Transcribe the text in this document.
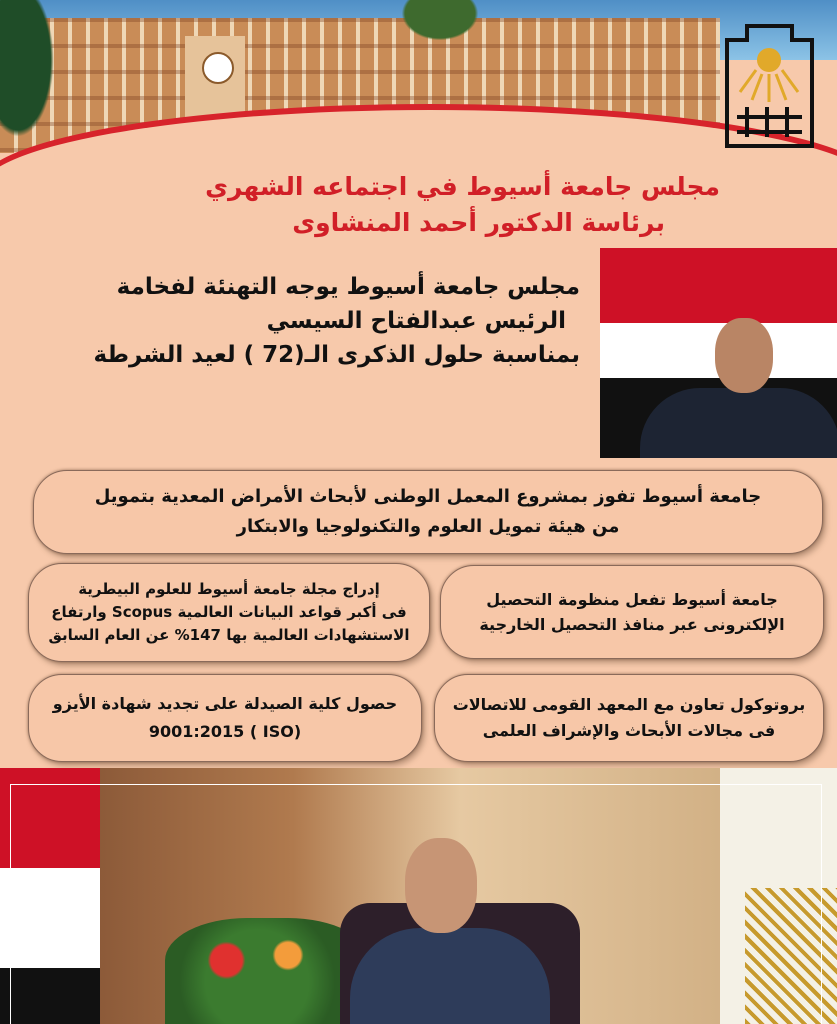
مجلس جامعة أسيوط في اجتماعه الشهري
برئاسة الدكتور أحمد المنشاوى
مجلس جامعة أسيوط يوجه التهنئة لفخامة
الرئيس عبدالفتاح السيسي
بمناسبة حلول الذكرى الـ(72 ) لعيد الشرطة
جامعة أسيوط تفوز بمشروع المعمل الوطنى لأبحاث الأمراض المعدية بتمويل
من هيئة تمويل العلوم والتكنولوجيا والابتكار
جامعة أسيوط تفعل منظومة التحصيل
الإلكترونى عبر منافذ التحصيل الخارجية
إدراج مجلة جامعة أسيوط للعلوم البيطرية
فى أكبر قواعد البيانات العالمية Scopus وارتفاع
الاستشهادات العالمية بها 147% عن العام السابق
بروتوكول تعاون مع المعهد القومى للاتصالات
فى مجالات الأبحاث والإشراف العلمى
حصول كلية الصيدلة على تجديد شهادة الأيزو
(ISO ) 9001:2015
